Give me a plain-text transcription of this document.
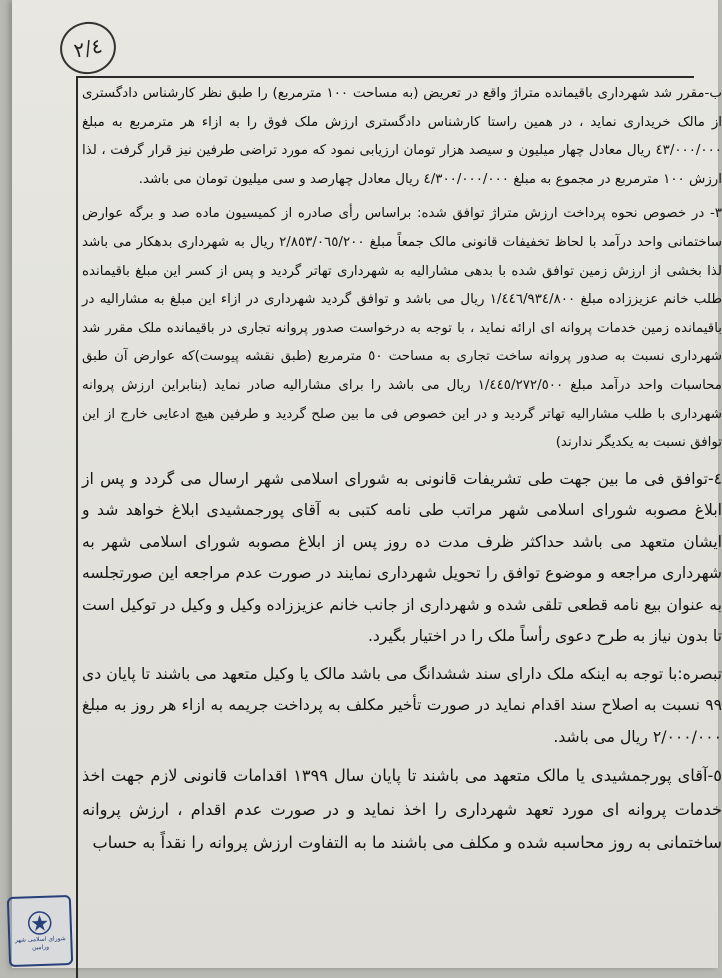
٢/٤

ب-مقرر شد شهرداری باقیمانده متراژ واقع در تعریض (به مساحت ١٠٠ مترمربع) را طبق نظر کارشناس دادگستری از مالک خریداری نماید ، در همین راستا کارشناس دادگستری ارزش ملک فوق را به ازاء هر مترمربع به مبلغ ٤٣/٠٠٠/٠٠٠ ریال معادل چهار میلیون و سیصد هزار تومان ارزیابی نمود که مورد تراضی طرفین نیز قرار گرفت ، لذا ارزش ١٠٠ مترمربع در مجموع به مبلغ ٤/٣٠٠/٠٠٠/٠٠٠ ریال معادل چهارصد و سی میلیون تومان می باشد.

٣- در خصوص نحوه پرداخت ارزش متراژ توافق شده: براساس رأی صادره از کمیسیون ماده صد و برگه عوارض ساختمانی واحد درآمد با لحاظ تخفیفات قانونی مالک جمعاً مبلغ ٢/٨٥٣/٠٦٥/٢٠٠ ریال به شهرداری بدهکار می باشد لذا بخشی از ارزش زمین توافق شده با بدهی مشارالیه به شهرداری تهاتر گردید و پس از کسر این مبلغ باقیمانده طلب خانم عزیززاده مبلغ ١/٤٤٦/٩٣٤/٨٠٠ ریال می باشد و توافق گردید شهرداری در ازاء این مبلغ به مشارالیه در باقیمانده زمین خدمات پروانه ای ارائه نماید ، با توجه به درخواست صدور پروانه تجاری در باقیمانده ملک مقرر شد شهرداری نسبت به صدور پروانه ساخت تجاری به مساحت ٥٠ مترمربع (طبق نقشه پیوست)که عوارض آن طبق محاسبات واحد درآمد مبلغ ١/٤٤٥/٢٧٢/٥٠٠ ریال می باشد را برای مشارالیه صادر نماید (بنابراین ارزش پروانه شهرداری با طلب مشارالیه تهاتر گردید و در این خصوص فی ما بین صلح گردید و طرفین هیچ ادعایی خارج از این توافق نسبت به یکدیگر ندارند)

٤-توافق فی ما بین جهت طی تشریفات قانونی به شورای اسلامی شهر ارسال می گردد و پس از ابلاغ مصوبه شورای اسلامی شهر مراتب طی نامه کتبی به آقای پورجمشیدی ابلاغ خواهد شد و ایشان متعهد می باشد حداکثر ظرف مدت ده روز پس از ابلاغ مصوبه شورای اسلامی شهر به شهرداری مراجعه و موضوع توافق را تحویل شهرداری نمایند در صورت عدم مراجعه این صورتجلسه به عنوان بیع نامه قطعی تلقی شده و شهرداری از جانب خانم عزیززاده وکیل و وکیل در توکیل است تا بدون نیاز به طرح دعوی رأساً ملک را در اختیار بگیرد.

تبصره:با توجه به اینکه ملک دارای سند ششدانگ می باشد مالک یا وکیل متعهد می باشند تا پایان دی ٩٩ نسبت به اصلاح سند اقدام نماید در صورت تأخیر مکلف به پرداخت جریمه به ازاء هر روز به مبلغ ٢/٠٠٠/٠٠٠ ریال می باشد.

٥-آقای پورجمشیدی یا مالک متعهد می باشند تا پایان سال ١٣٩٩ اقدامات قانونی لازم جهت اخذ خدمات پروانه ای مورد تعهد شهرداری را اخذ نماید و در صورت عدم اقدام ، ارزش پروانه ساختمانی به روز محاسبه شده و مکلف می باشند ما به التفاوت ارزش پروانه را نقداً به حساب

شورای اسلامی شهر ورامین
